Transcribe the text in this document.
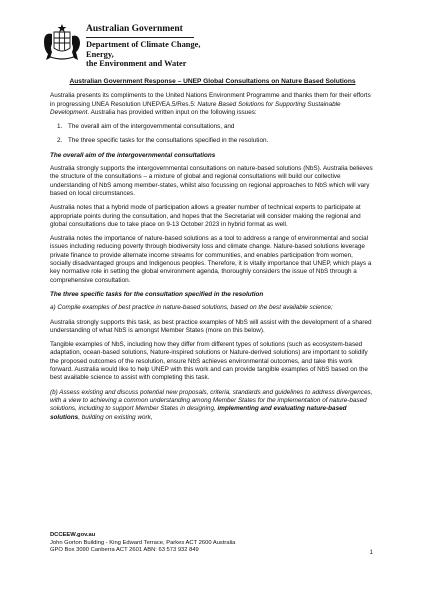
Australian Government
Department of Climate Change, Energy,
the Environment and Water
Australian Government Response – UNEP Global Consultations on Nature Based Solutions

Australia presents its compliments to the United Nations Environment Programme and thanks them for their efforts in progressing UNEA Resolution UNEP/EA.5/Res.5: Nature Based Solutions for Supporting Sustainable Development. Australia has provided written input on the following issues:

1. The overall aim of the intergovernmental consultations, and
2. The three specific tasks for the consultations specified in the resolution.
The overall aim of the intergovernmental consultations

Australia strongly supports the intergovernmental consultations on nature-based solutions (NbS). Australia believes the structure of the consultations – a mixture of global and regional consultations will build our collective understanding of NbS among member-states, whilst also focussing on regional approaches to NbS which will vary based on local circumstances.

Australia notes that a hybrid mode of participation allows a greater number of technical experts to participate at appropriate points during the consultation, and hopes that the Secretariat will consider making the regional and global consultations due to take place on 9-13 October 2023 in hybrid format as well.

Australia notes the importance of nature-based solutions as a tool to address a range of environmental and social issues including reducing poverty through biodiversity loss and climate change. Nature-based solutions leverage private finance to provide alternate income streams for communities, and enables participation from women, socially disadvantaged groups and Indigenous peoples. Therefore, it is vitally importance that UNEP, which plays a key normative role in setting the global environment agenda, thoroughly considers the issue of NbS through a comprehensive consultation.

The three specific tasks for the consultation specified in the resolution

a) Compile examples of best practice in nature-based solutions, based on the best available science;

Australia strongly supports this task, as best practice examples of NbS will assist with the development of a shared understanding of what NbS is amongst Member States (more on this below).

Tangible examples of NbS, including how they differ from different types of solutions (such as ecosystem-based adaptation, ocean-based solutions, Nature-inspired solutions or Nature-derived solutions) are important to solidify the proposed outcomes of the resolution, ensure NbS achieves environmental outcomes, and take this work forward. Australia would like to help UNEP with this work and can provide tangible examples of NbS based on the best available science to assist with completing this task.

(b) Assess existing and discuss potential new proposals, criteria, standards and guidelines to address divergences, with a view to achieving a common understanding among Member States for the implementation of nature-based solutions, including to support Member States in designing, implementing and evaluating nature-based solutions, building on existing work,

DCCEEW.gov.au
John Gorton Building - King Edward Terrace, Parkes ACT 2600 Australia
GPO Box 3090 Canberra ACT 2601 ABN: 63 573 932 849	1
